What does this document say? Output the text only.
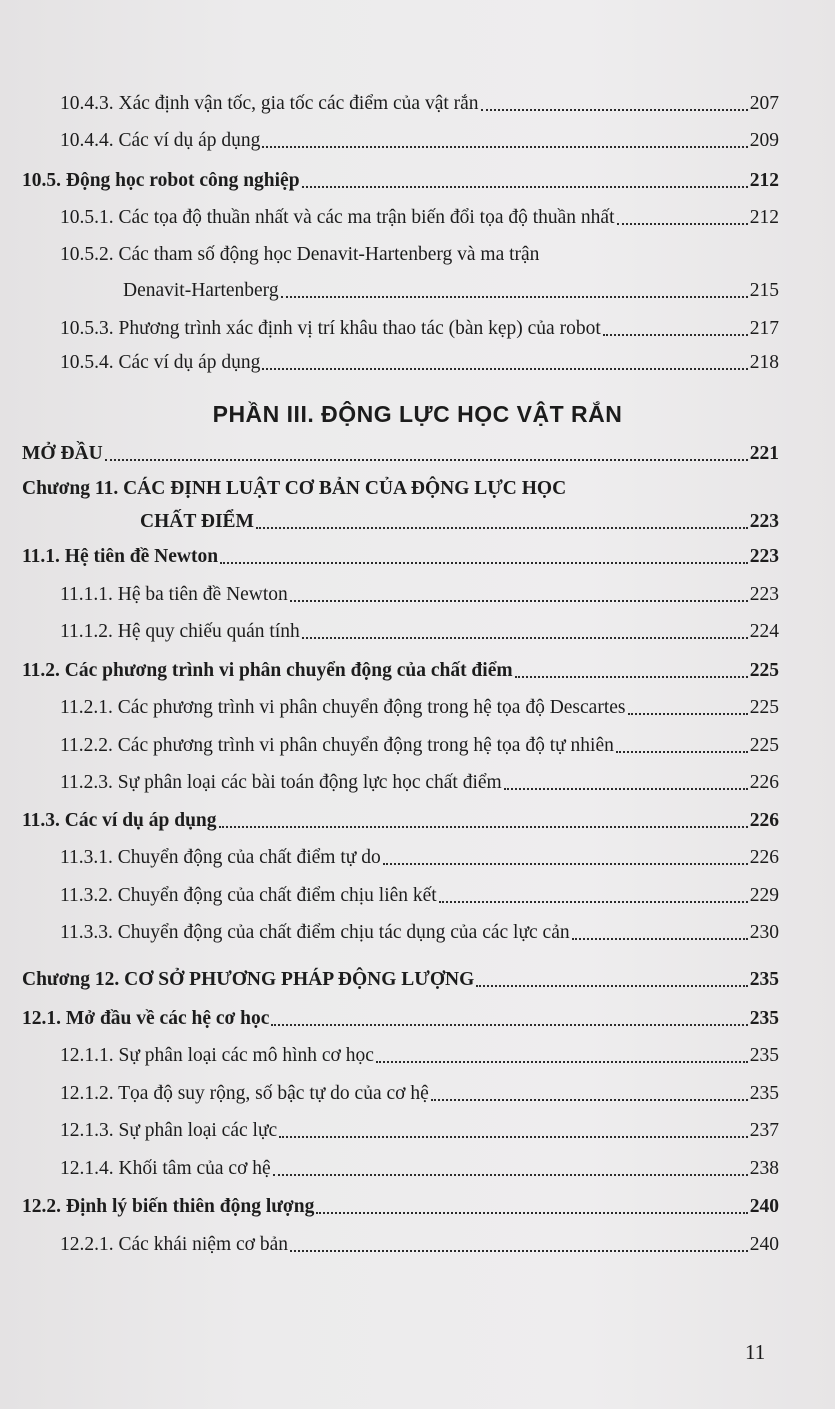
10.4.3. Xác định vận tốc, gia tốc các điểm của vật rắn	207
10.4.4. Các ví dụ áp dụng	209
10.5. Động học robot công nghiệp	212
10.5.1. Các tọa độ thuần nhất và các ma trận biến đổi tọa độ thuần nhất	212
10.5.2. Các tham số động học Denavit-Hartenberg và ma trận
Denavit-Hartenberg	215
10.5.3. Phương trình xác định vị trí khâu thao tác (bàn kẹp) của robot	217
10.5.4. Các ví dụ áp dụng	218
PHẦN III. ĐỘNG LỰC HỌC VẬT RẮN
MỞ ĐẦU	221
Chương 11. CÁC ĐỊNH LUẬT CƠ BẢN CỦA ĐỘNG LỰC HỌC
CHẤT ĐIỂM	223
11.1. Hệ tiên đề Newton	223
11.1.1. Hệ ba tiên đề Newton	223
11.1.2. Hệ quy chiếu quán tính	224
11.2. Các phương trình vi phân chuyển động của chất điểm	225
11.2.1. Các phương trình vi phân chuyển động trong hệ tọa độ Descartes	225
11.2.2. Các phương trình vi phân chuyển động trong hệ tọa độ tự nhiên	225
11.2.3. Sự phân loại các bài toán động lực học chất điểm	226
11.3. Các ví dụ áp dụng	226
11.3.1. Chuyển động của chất điểm tự do	226
11.3.2. Chuyển động của chất điểm chịu liên kết	229
11.3.3. Chuyển động của chất điểm chịu tác dụng của các lực cản	230
Chương 12. CƠ SỞ PHƯƠNG PHÁP ĐỘNG LƯỢNG	235
12.1. Mở đầu về các hệ cơ học	235
12.1.1. Sự phân loại các mô hình cơ học	235
12.1.2. Tọa độ suy rộng, số bậc tự do của cơ hệ	235
12.1.3. Sự phân loại các lực	237
12.1.4. Khối tâm của cơ hệ	238
12.2. Định lý biến thiên động lượng	240
12.2.1. Các khái niệm cơ bản	240
11
